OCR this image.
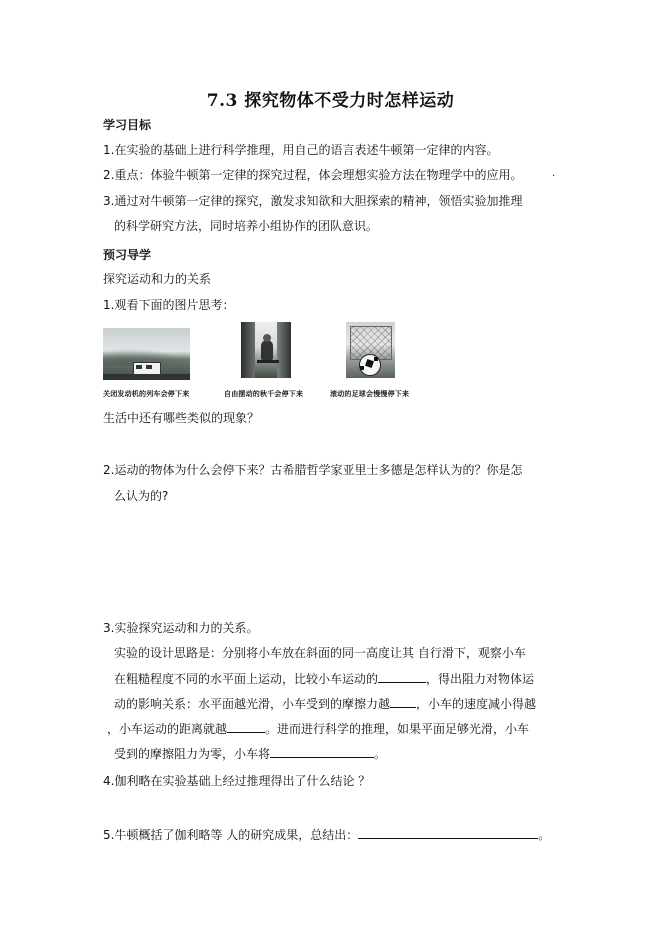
7.3 探究物体不受力时怎样运动
学习目标
1.在实验的基础上进行科学推理，用自己的语言表述牛顿第一定律的内容。
2.重点：体验牛顿第一定律的探究过程，体会理想实验方法在物理学中的应用。	.
3.通过对牛顿第一定律的探究，激发求知欲和大胆探索的精神，领悟实验加推理
的科学研究方法，同时培养小组协作的团队意识。
预习导学
探究运动和力的关系
1.观看下面的图片思考：
关闭发动机的列车会停下来	自由摆动的秋千会停下来	滚动的足球会慢慢停下来
生活中还有哪些类似的现象？
2.运动的物体为什么会停下来？古希腊哲学家亚里士多德是怎样认为的？你是怎
么认为的?
3.实验探究运动和力的关系。
实验的设计思路是：分别将小车放在斜面的同一高度让其 自行滑下，观察小车
在粗糙程度不同的水平面上运动，比较小车运动的	，得出阻力对物体运
动的影响关系：水平面越光滑，小车受到的摩擦力越 ，小车的速度减小得越
，小车运动的距离就越	。进而进行科学的推理，如果平面足够光滑，小车
受到的摩擦阻力为零，小车将	。
4.伽利略在实验基础上经过推理得出了什么结论 ？
5.牛顿概括了伽利略等 人的研究成果，总结出：	。
